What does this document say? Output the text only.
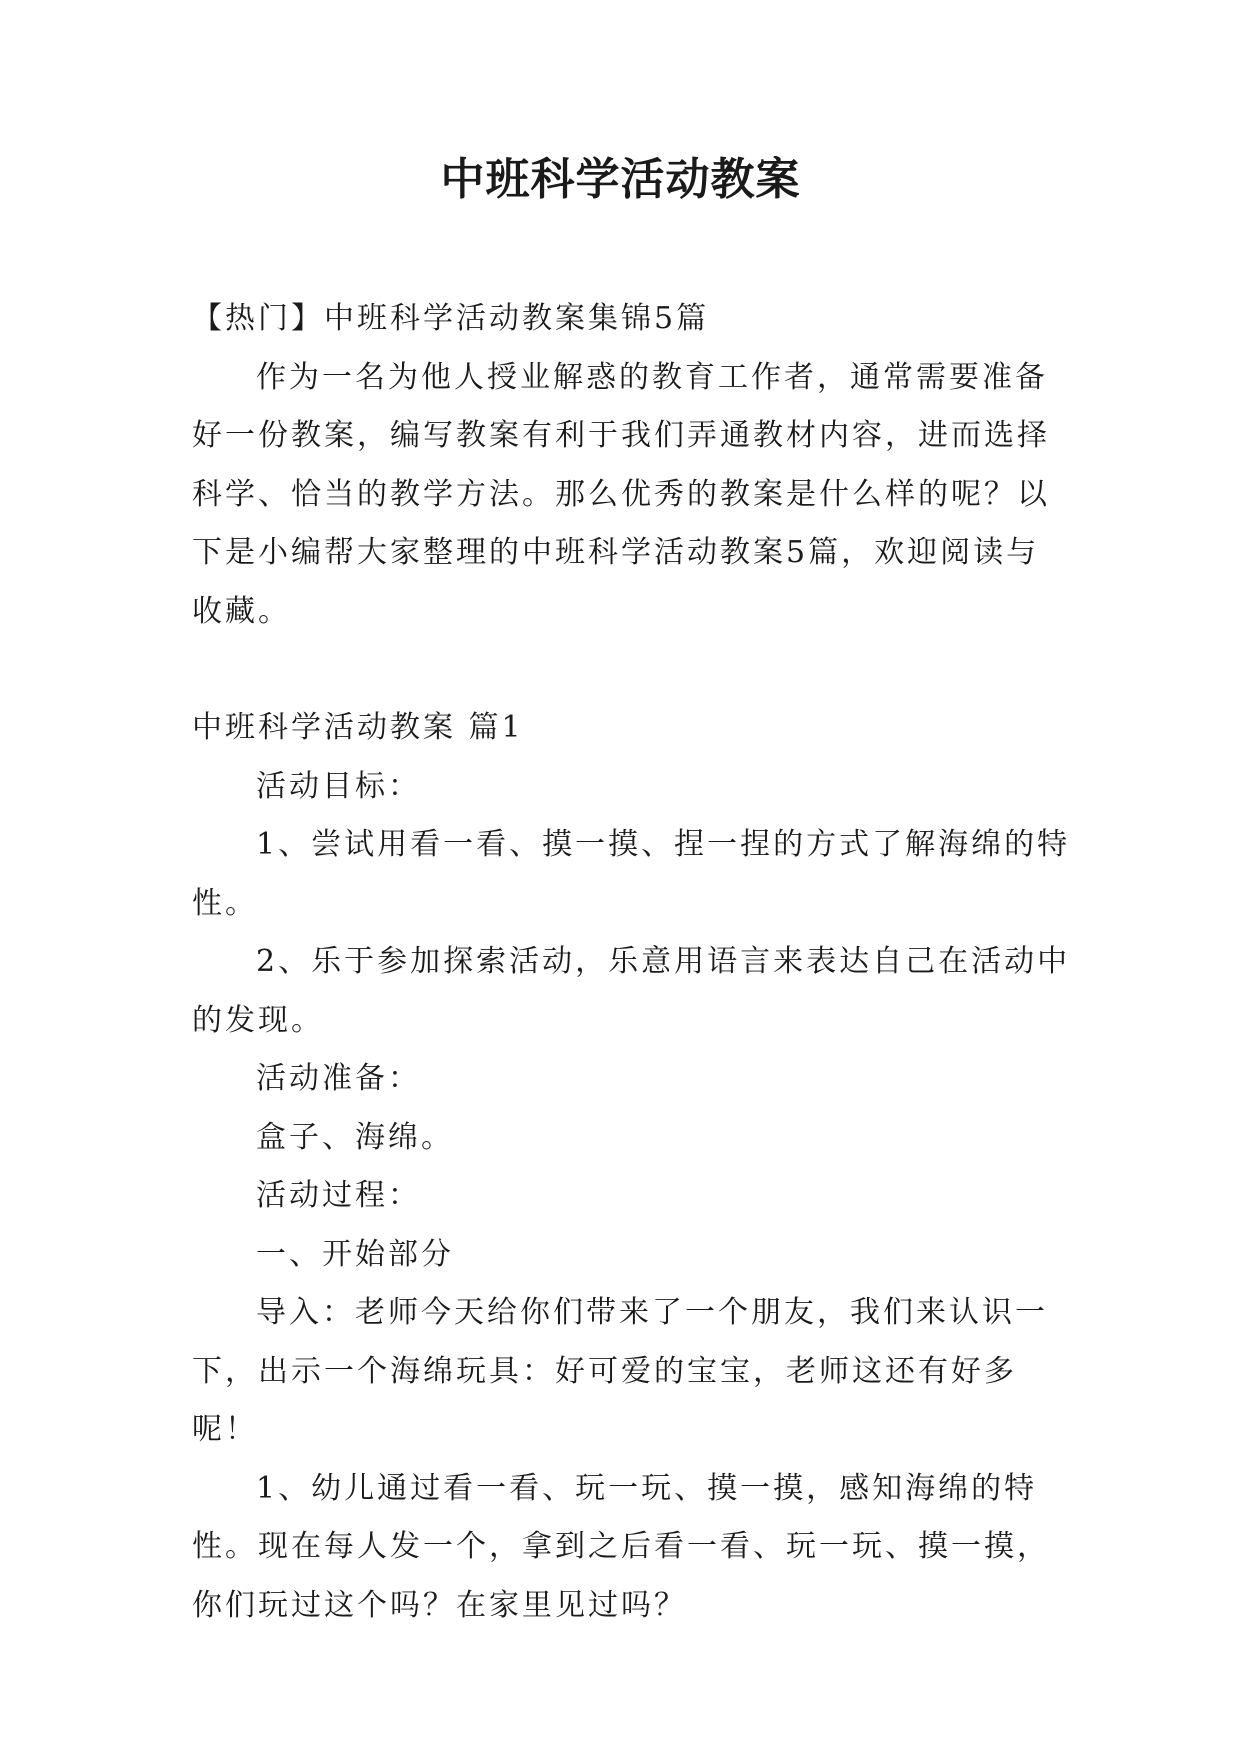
中班科学活动教案

【热门】中班科学活动教案集锦5篇

作为一名为他人授业解惑的教育工作者，通常需要准备好一份教案，编写教案有利于我们弄通教材内容，进而选择科学、恰当的教学方法。那么优秀的教案是什么样的呢？以下是小编帮大家整理的中班科学活动教案5篇，欢迎阅读与收藏。

中班科学活动教案 篇1

活动目标：

1、尝试用看一看、摸一摸、捏一捏的方式了解海绵的特性。

2、乐于参加探索活动，乐意用语言来表达自己在活动中的发现。

活动准备：

盒子、海绵。

活动过程：

一、开始部分

导入：老师今天给你们带来了一个朋友，我们来认识一下，出示一个海绵玩具：好可爱的宝宝，老师这还有好多呢！

1、幼儿通过看一看、玩一玩、摸一摸，感知海绵的特性。现在每人发一个，拿到之后看一看、玩一玩、摸一摸，你们玩过这个吗？在家里见过吗？
